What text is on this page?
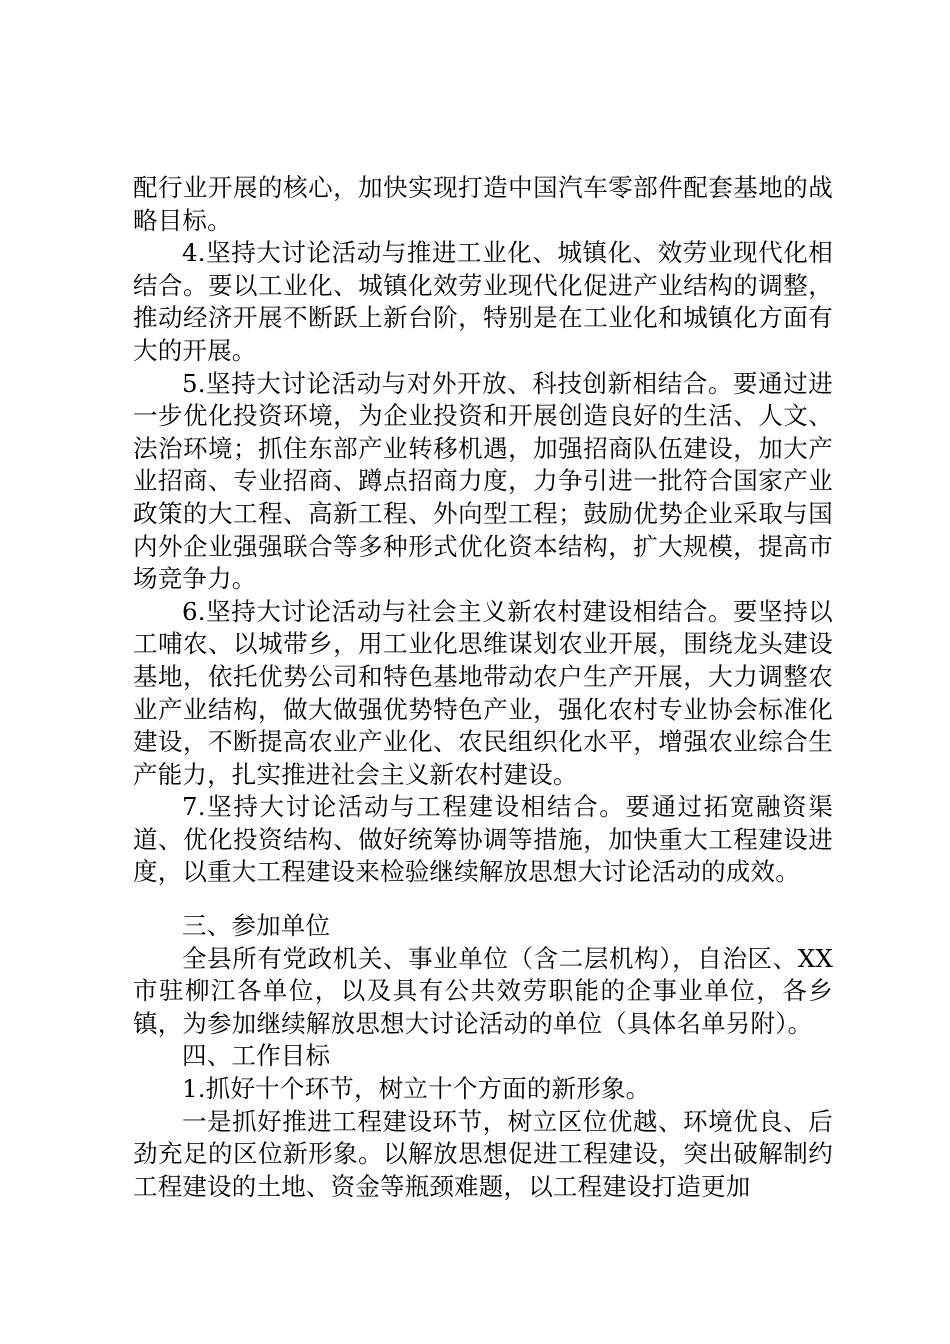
配行业开展的核心，加快实现打造中国汽车零部件配套基地的战略目标。

4.坚持大讨论活动与推进工业化、城镇化、效劳业现代化相结合。要以工业化、城镇化效劳业现代化促进产业结构的调整，推动经济开展不断跃上新台阶，特别是在工业化和城镇化方面有大的开展。

5.坚持大讨论活动与对外开放、科技创新相结合。要通过进一步优化投资环境，为企业投资和开展创造良好的生活、人文、法治环境；抓住东部产业转移机遇，加强招商队伍建设，加大产业招商、专业招商、蹲点招商力度，力争引进一批符合国家产业政策的大工程、高新工程、外向型工程；鼓励优势企业采取与国内外企业强强联合等多种形式优化资本结构，扩大规模，提高市场竞争力。

6.坚持大讨论活动与社会主义新农村建设相结合。要坚持以工哺农、以城带乡，用工业化思维谋划农业开展，围绕龙头建设基地，依托优势公司和特色基地带动农户生产开展，大力调整农业产业结构，做大做强优势特色产业，强化农村专业协会标准化建设，不断提高农业产业化、农民组织化水平，增强农业综合生产能力，扎实推进社会主义新农村建设。

7.坚持大讨论活动与工程建设相结合。要通过拓宽融资渠道、优化投资结构、做好统筹协调等措施，加快重大工程建设进度，以重大工程建设来检验继续解放思想大讨论活动的成效。

三、参加单位

全县所有党政机关、事业单位（含二层机构），自治区、XX市驻柳江各单位，以及具有公共效劳职能的企事业单位，各乡镇，为参加继续解放思想大讨论活动的单位（具体名单另附）。

四、工作目标

1.抓好十个环节，树立十个方面的新形象。

一是抓好推进工程建设环节，树立区位优越、环境优良、后劲充足的区位新形象。以解放思想促进工程建设，突出破解制约工程建设的土地、资金等瓶颈难题，以工程建设打造更加
